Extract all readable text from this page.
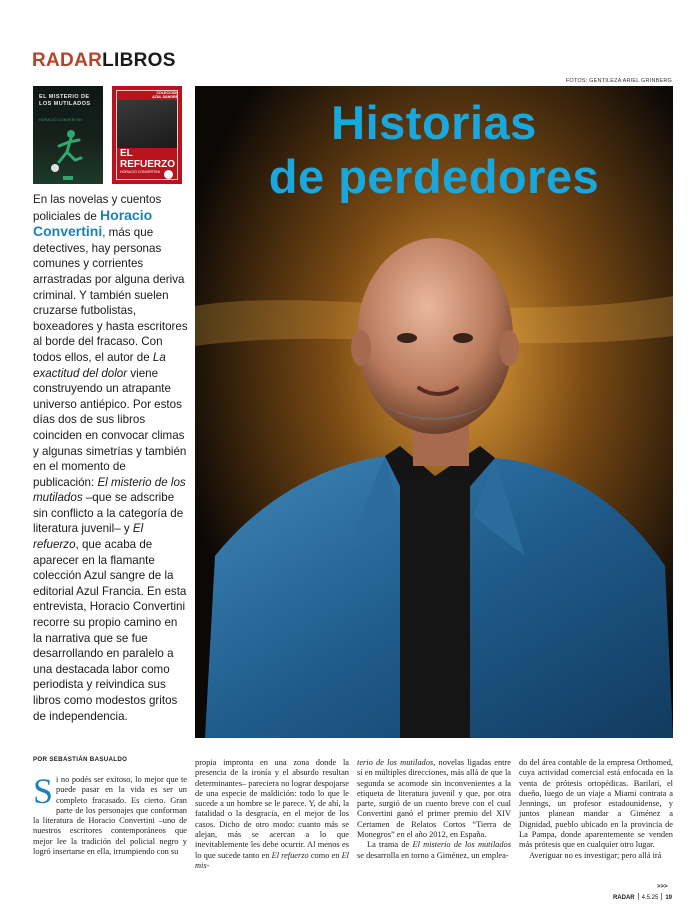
RADARLIBROS
FOTOS: GENTILEZA ARIEL GRINBERG
EL MISTERIO DE LOS MUTILADOS
HORACIO CONVERTINI
COLECCIÓN AZUL SANGRE
EL REFUERZO
HORACIO CONVERTINI
Historias
de perdedores
En las novelas y cuentos policiales de Horacio Convertini, más que detectives, hay personas comunes y corrientes arrastradas por alguna deriva criminal. Y también suelen cruzarse futbolistas, boxeadores y hasta escritores al borde del fracaso. Con todos ellos, el autor de La exactitud del dolor viene construyendo un atrapante universo antiépico. Por estos días dos de sus libros coinciden en convocar climas y algunas simetrías y también en el momento de publicación: El misterio de los mutilados –que se adscribe sin conflicto a la categoría de literatura juvenil– y El refuerzo, que acaba de aparecer en la flamante colección Azul sangre de la editorial Azul Francia. En esta entrevista, Horacio Convertini recorre su propio camino en la narrativa que se fue desarrollando en paralelo a una destacada labor como periodista y reivindica sus libros como modestos gritos de independencia.
POR SEBASTIÁN BASUALDO

Si no podés ser exitoso, lo mejor que te puede pasar en la vida es ser un completo fracasado. Es cierto. Gran parte de los personajes que conforman la literatura de Horacio Convertini –uno de nuestros escritores contemporáneos que mejor lee la tradición del policial negro y logró insertarse en ella, irrumpiendo con su

propia impronta en una zona donde la presencia de la ironía y el absurdo resultan determinantes– pareciera no lograr despojarse de una especie de maldición: todo lo que le sucede a un hombre se le parece. Y, de ahí, la fatalidad o la desgracia, en el mejor de los casos. Dicho de otro modo: cuanto más se alejan, más se acercan a lo que inevitablemente les debe ocurrir. Al menos es lo que sucede tanto en El refuerzo como en El mis-

terio de los mutilados, novelas ligadas entre sí en múltiples direcciones, más allá de que la segunda se acomode sin inconvenientes a la etiqueta de literatura juvenil y que, por otra parte, surgió de un cuento breve con el cual Convertini ganó el primer premio del XIV Certamen de Relatos Cortos “Tierra de Monegros” en el año 2012, en España.

La trama de El misterio de los mutilados se desarrolla en torno a Giménez, un emplea-

do del área contable de la empresa Orthomed, cuya actividad comercial está enfocada en la venta de prótesis ortopédicas. Barilari, el dueño, luego de un viaje a Miami contrata a Jennings, un profesor estadounidense, y juntos planean mandar a Giménez a Dignidad, pueblo ubicado en la provincia de La Pampa, donde aparentemente se venden más prótesis que en cualquier otro lugar.

Averiguar no es investigar; pero allá irá

>>>
RADAR 4.5.25 19
